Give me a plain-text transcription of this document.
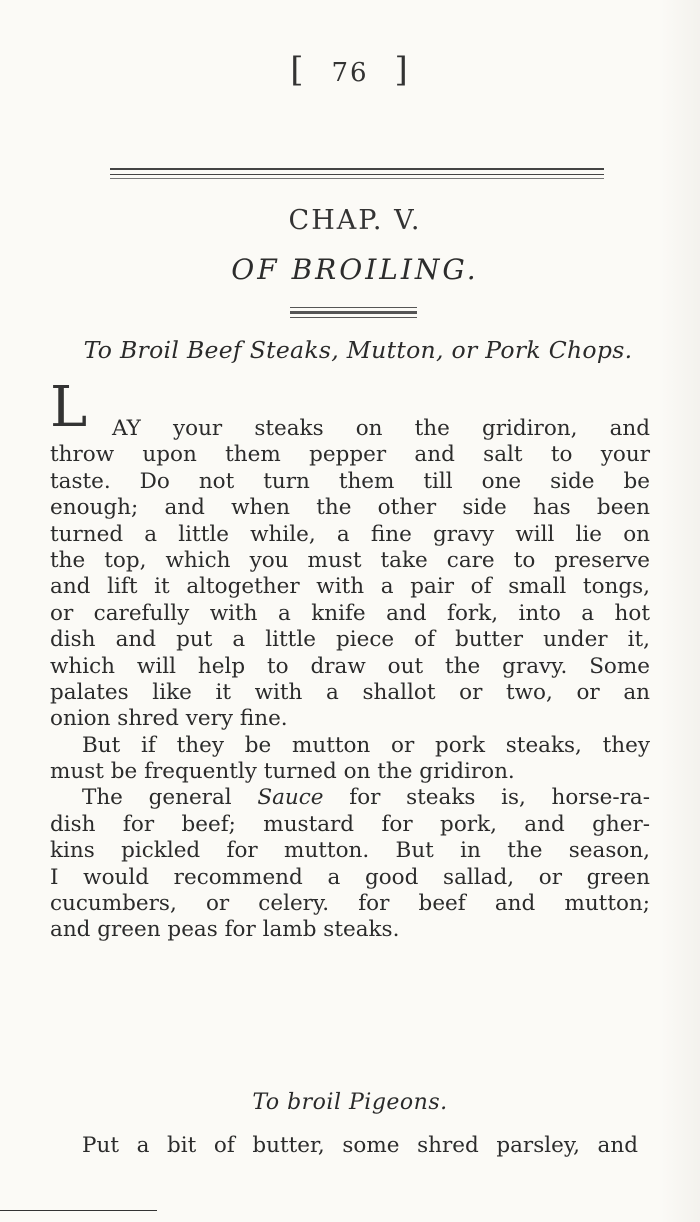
[ 76 ]
CHAP. V.
OF BROILING.
To Broil Beef Steaks, Mutton, or Pork Chops.
L	AY your steaks on the gridiron, and
throw upon them pepper and salt to your
taste. Do not turn them till one side be
enough; and when the other side has been
turned a little while, a fine gravy will lie on
the top, which you must take care to preserve
and lift it altogether with a pair of small tongs,
or carefully with a knife and fork, into a hot
dish and put a little piece of butter under it,
which will help to draw out the gravy. Some
palates like it with a shallot or two, or an
onion shred very fine.
But if they be mutton or pork steaks, they
must be frequently turned on the gridiron.
The general Sauce for steaks is, horse-ra-
dish for beef; mustard for pork, and gher-
kins pickled for mutton. But in the season,
I would recommend a good sallad, or green
cucumbers, or celery. for beef and mutton;
and green peas for lamb steaks.
To broil Pigeons.
Put a bit of butter, some shred parsley, and
